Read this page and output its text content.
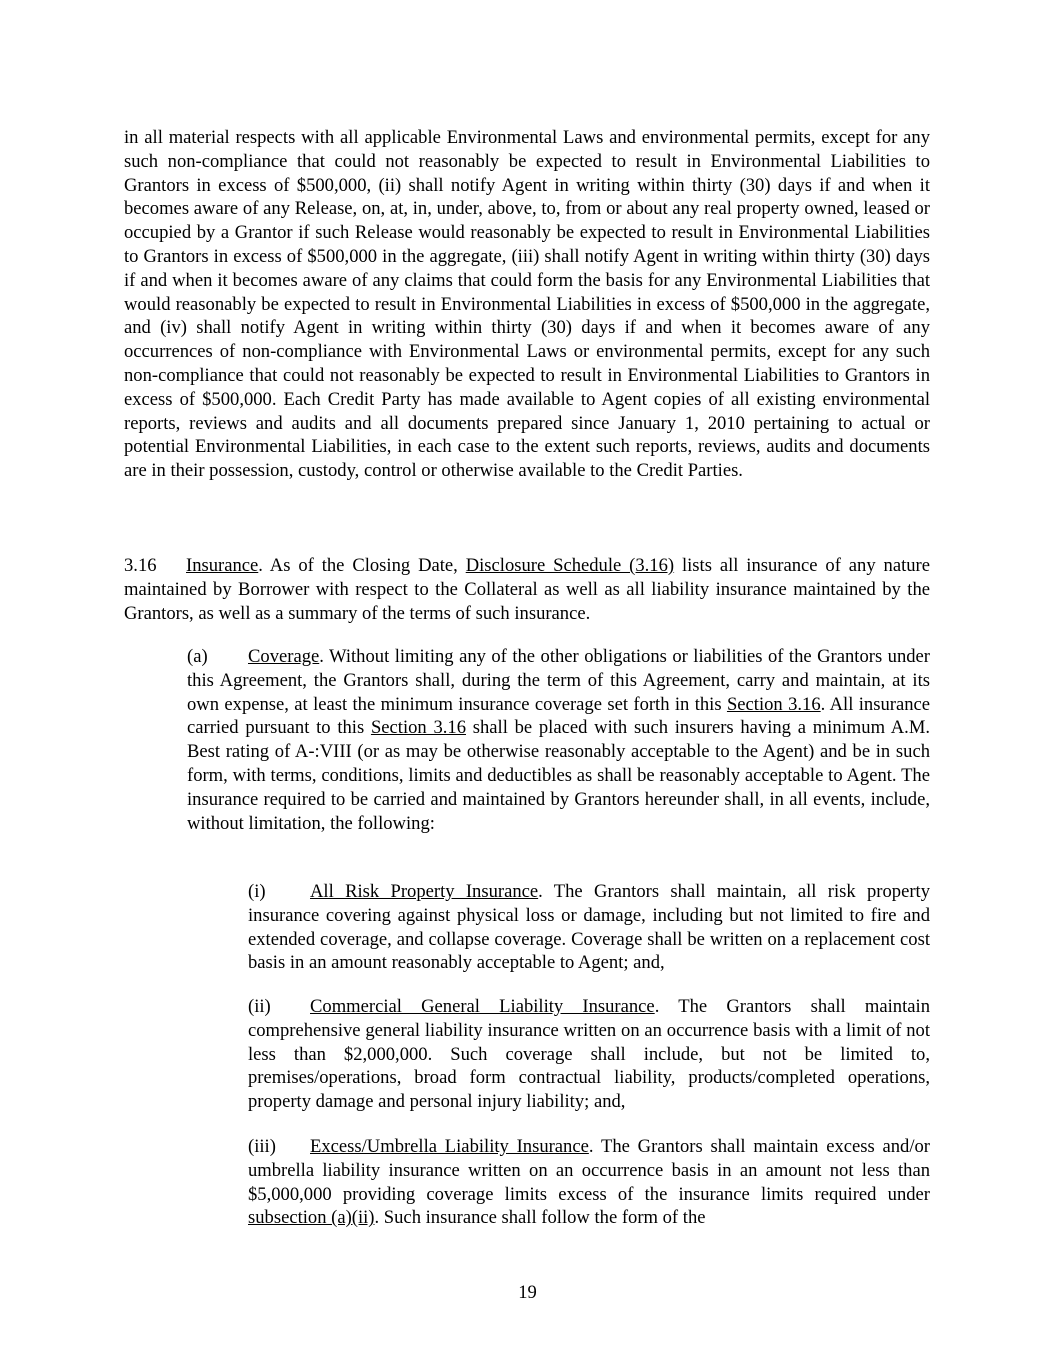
in all material respects with all applicable Environmental Laws and environmental permits, except for any such non-compliance that could not reasonably be expected to result in Environmental Liabilities to Grantors in excess of $500,000, (ii) shall notify Agent in writing within thirty (30) days if and when it becomes aware of any Release, on, at, in, under, above, to, from or about any real property owned, leased or occupied by a Grantor if such Release would reasonably be expected to result in Environmental Liabilities to Grantors in excess of $500,000 in the aggregate, (iii) shall notify Agent in writing within thirty (30) days if and when it becomes aware of any claims that could form the basis for any Environmental Liabilities that would reasonably be expected to result in Environmental Liabilities in excess of $500,000 in the aggregate, and (iv) shall notify Agent in writing within thirty (30) days if and when it becomes aware of any occurrences of non-compliance with Environmental Laws or environmental permits, except for any such non-compliance that could not reasonably be expected to result in Environmental Liabilities to Grantors in excess of $500,000. Each Credit Party has made available to Agent copies of all existing environmental reports, reviews and audits and all documents prepared since January 1, 2010 pertaining to actual or potential Environmental Liabilities, in each case to the extent such reports, reviews, audits and documents are in their possession, custody, control or otherwise available to the Credit Parties.

3.16 Insurance. As of the Closing Date, Disclosure Schedule (3.16) lists all insurance of any nature maintained by Borrower with respect to the Collateral as well as all liability insurance maintained by the Grantors, as well as a summary of the terms of such insurance.

(a) Coverage. Without limiting any of the other obligations or liabilities of the Grantors under this Agreement, the Grantors shall, during the term of this Agreement, carry and maintain, at its own expense, at least the minimum insurance coverage set forth in this Section 3.16. All insurance carried pursuant to this Section 3.16 shall be placed with such insurers having a minimum A.M. Best rating of A-:VIII (or as may be otherwise reasonably acceptable to the Agent) and be in such form, with terms, conditions, limits and deductibles as shall be reasonably acceptable to Agent. The insurance required to be carried and maintained by Grantors hereunder shall, in all events, include, without limitation, the following:

(i) All Risk Property Insurance. The Grantors shall maintain, all risk property insurance covering against physical loss or damage, including but not limited to fire and extended coverage, and collapse coverage. Coverage shall be written on a replacement cost basis in an amount reasonably acceptable to Agent; and,

(ii) Commercial General Liability Insurance. The Grantors shall maintain comprehensive general liability insurance written on an occurrence basis with a limit of not less than $2,000,000. Such coverage shall include, but not be limited to, premises/operations, broad form contractual liability, products/completed operations, property damage and personal injury liability; and,

(iii) Excess/Umbrella Liability Insurance. The Grantors shall maintain excess and/or umbrella liability insurance written on an occurrence basis in an amount not less than $5,000,000 providing coverage limits excess of the insurance limits required under subsection (a)(ii). Such insurance shall follow the form of the

19
